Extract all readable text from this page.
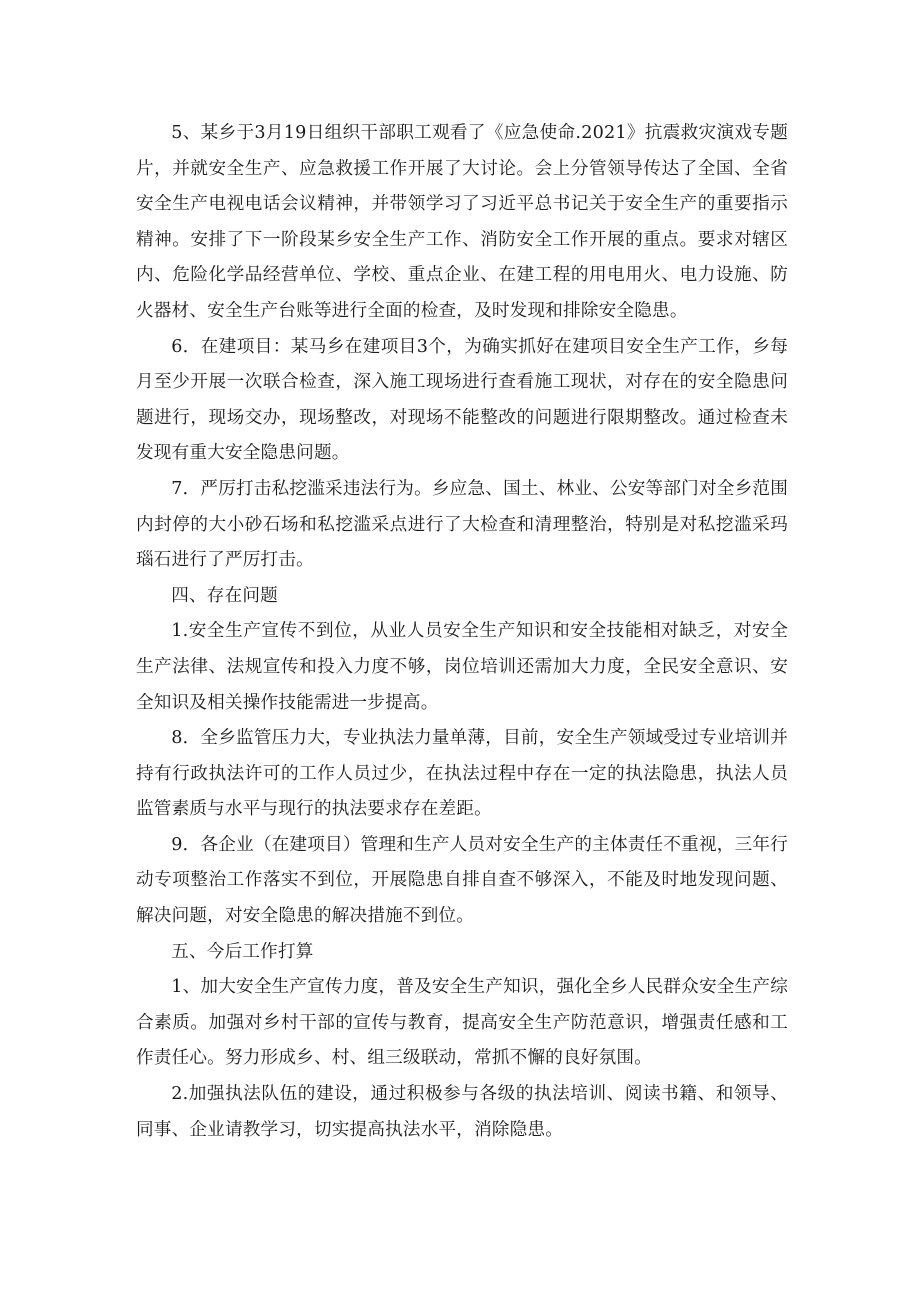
5、某乡于3月19日组织干部职工观看了《应急使命.2021》抗震救灾演戏专题片，并就安全生产、应急救援工作开展了大讨论。会上分管领导传达了全国、全省安全生产电视电话会议精神，并带领学习了习近平总书记关于安全生产的重要指示精神。安排了下一阶段某乡安全生产工作、消防安全工作开展的重点。要求对辖区内、危险化学品经营单位、学校、重点企业、在建工程的用电用火、电力设施、防火器材、安全生产台账等进行全面的检查，及时发现和排除安全隐患。

6．在建项目：某马乡在建项目3个，为确实抓好在建项目安全生产工作，乡每月至少开展一次联合检查，深入施工现场进行查看施工现状，对存在的安全隐患问题进行，现场交办，现场整改，对现场不能整改的问题进行限期整改。通过检查未发现有重大安全隐患问题。

7．严厉打击私挖滥采违法行为。乡应急、国土、林业、公安等部门对全乡范围内封停的大小砂石场和私挖滥采点进行了大检查和清理整治，特别是对私挖滥采玛瑙石进行了严厉打击。

四、存在问题

1.安全生产宣传不到位，从业人员安全生产知识和安全技能相对缺乏，对安全生产法律、法规宣传和投入力度不够，岗位培训还需加大力度，全民安全意识、安全知识及相关操作技能需进一步提高。

8．全乡监管压力大，专业执法力量单薄，目前，安全生产领域受过专业培训并持有行政执法许可的工作人员过少，在执法过程中存在一定的执法隐患，执法人员监管素质与水平与现行的执法要求存在差距。

9．各企业（在建项目）管理和生产人员对安全生产的主体责任不重视，三年行动专项整治工作落实不到位，开展隐患自排自查不够深入，不能及时地发现问题、解决问题，对安全隐患的解决措施不到位。

五、今后工作打算

1、加大安全生产宣传力度，普及安全生产知识，强化全乡人民群众安全生产综合素质。加强对乡村干部的宣传与教育，提高安全生产防范意识，增强责任感和工作责任心。努力形成乡、村、组三级联动，常抓不懈的良好氛围。

2.加强执法队伍的建设，通过积极参与各级的执法培训、阅读书籍、和领导、同事、企业请教学习，切实提高执法水平，消除隐患。
